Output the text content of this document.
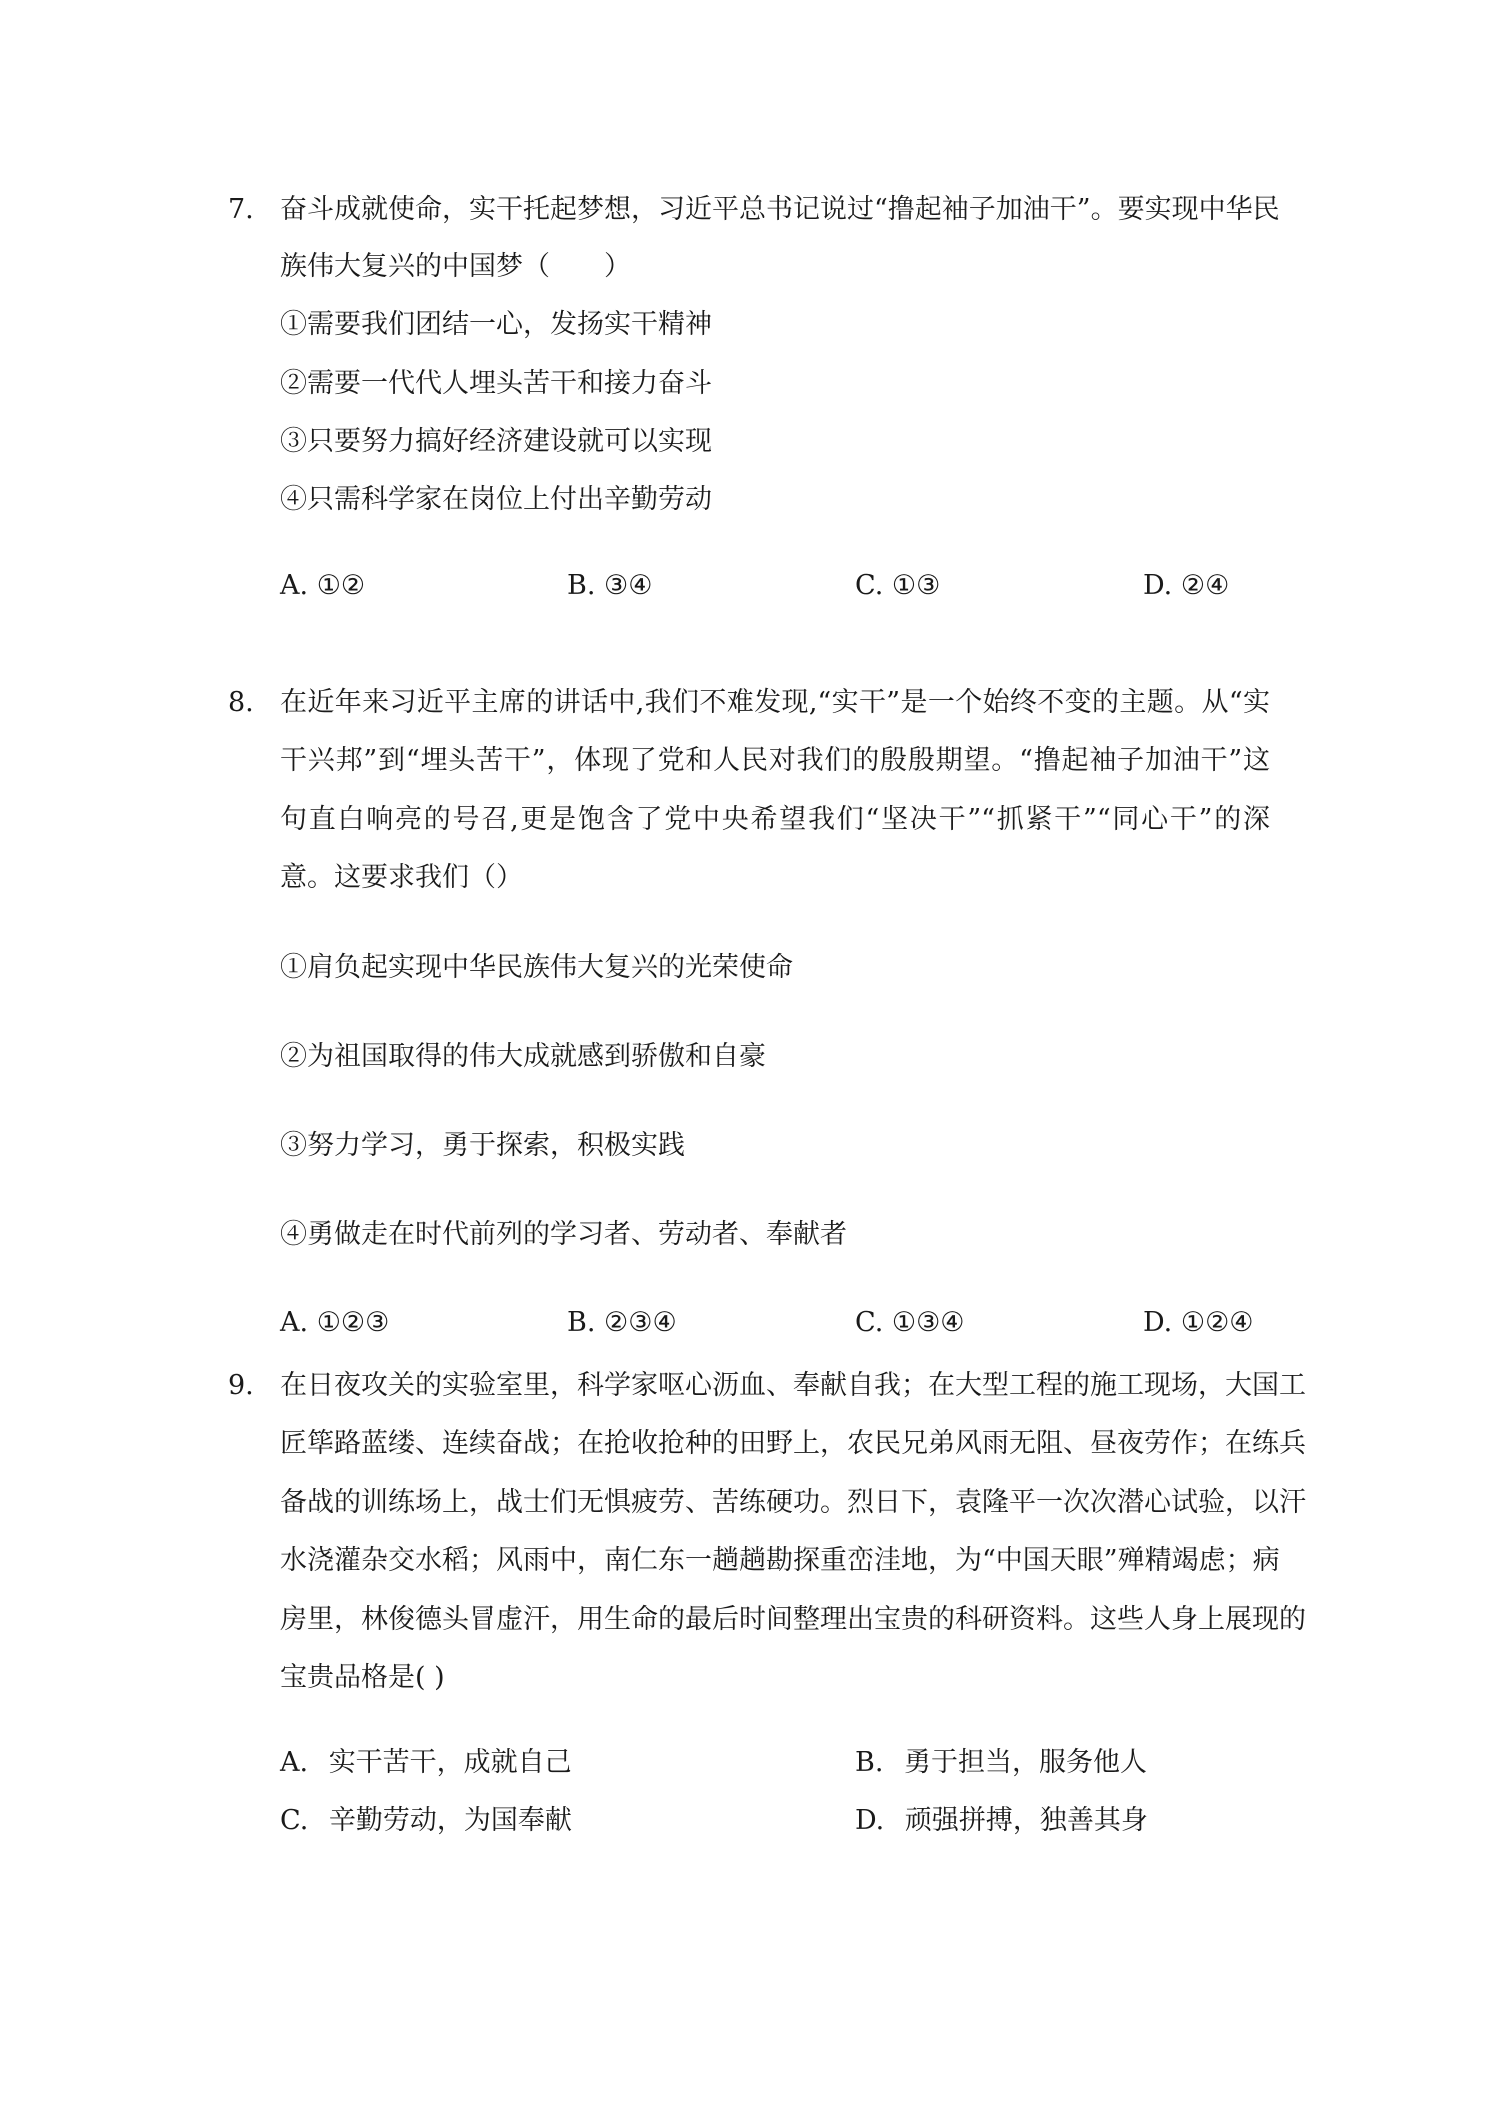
7. 奋斗成就使命，实干托起梦想，习近平总书记说过“撸起袖子加油干”。要实现中华民
族伟大复兴的中国梦（　　）
①需要我们团结一心，发扬实干精神
②需要一代代人埋头苦干和接力奋斗
③只要努力搞好经济建设就可以实现
④只需科学家在岗位上付出辛勤劳动
A. ①②	B. ③④	C. ①③	D. ②④
8. 在近年来习近平主席的讲话中,我们不难发现,“实干”是一个始终不变的主题。从“实
干兴邦”到“埋头苦干”，体现了党和人民对我们的殷殷期望。“撸起袖子加油干”这
句直白响亮的号召,更是饱含了党中央希望我们“坚决干”“抓紧干”“同心干”的深
意。这要求我们（）
①肩负起实现中华民族伟大复兴的光荣使命
②为祖国取得的伟大成就感到骄傲和自豪
③努力学习，勇于探索，积极实践
④勇做走在时代前列的学习者、劳动者、奉献者
A. ①②③	B. ②③④	C. ①③④	D. ①②④
9. 在日夜攻关的实验室里，科学家呕心沥血、奉献自我；在大型工程的施工现场，大国工
匠筚路蓝缕、连续奋战；在抢收抢种的田野上，农民兄弟风雨无阻、昼夜劳作；在练兵
备战的训练场上，战士们无惧疲劳、苦练硬功。烈日下，袁隆平一次次潜心试验，以汗
水浇灌杂交水稻；风雨中，南仁东一趟趟勘探重峦洼地，为“中国天眼”殚精竭虑；病
房里，林俊德头冒虚汗，用生命的最后时间整理出宝贵的科研资料。这些人身上展现的
宝贵品格是( )
A. 实干苦干，成就自己	B. 勇于担当，服务他人
C. 辛勤劳动，为国奉献	D. 顽强拼搏，独善其身
